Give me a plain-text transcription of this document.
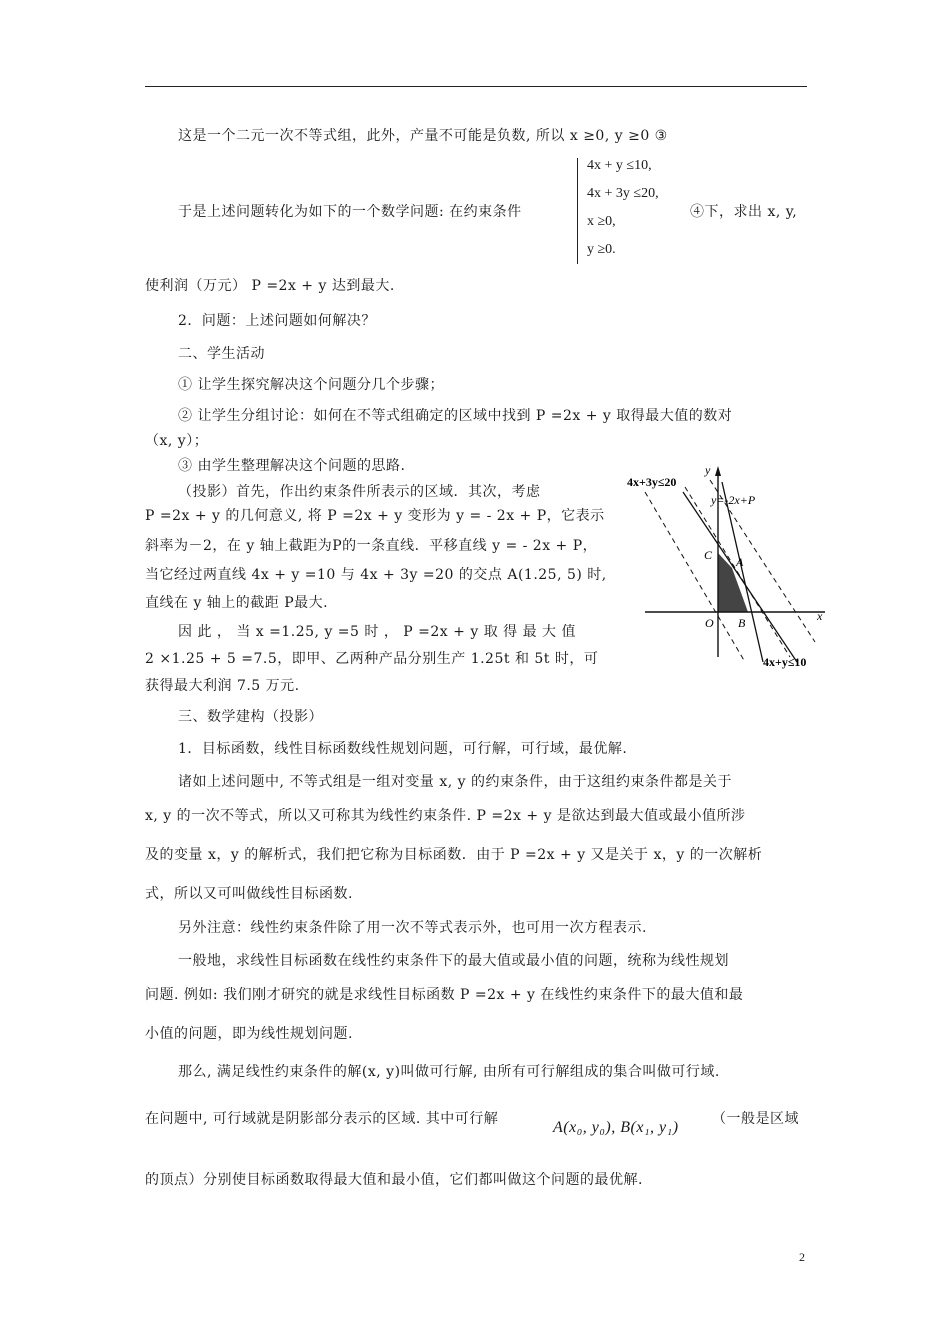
这是一个二元一次不等式组，此外，产量不可能是负数, 所以 x ≥0, y ≥0 ③
于是上述问题转化为如下的一个数学问题: 在约束条件
4x + y ≤10,
4x + 3y ≤20,
x ≥0,
y ≥0.
④下，求出 x, y,
使利润（万元） P =2x + y 达到最大.
2．问题：上述问题如何解决？
二、学生活动
① 让学生探究解决这个问题分几个步骤；
② 让学生分组讨论：如何在不等式组确定的区域中找到 P =2x + y 取得最大值的数对
（x, y）；
③ 由学生整理解决这个问题的思路.
（投影）首先，作出约束条件所表示的区域．其次，考虑
P =2x + y 的几何意义, 将 P =2x + y 变形为 y = - 2x + P，它表示
斜率为－2，在 y 轴上截距为P的一条直线．平移直线 y = - 2x + P，
当它经过两直线 4x + y =10 与 4x + 3y =20 的交点 A(1.25, 5) 时,
直线在 y 轴上的截距 P最大.
因 此 ， 当 x =1.25, y =5 时 ， P =2x + y 取 得 最 大 值
2 ×1.25 + 5 =7.5，即甲、乙两种产品分别生产 1.25t 和 5t 时，可
获得最大利润 7.5 万元.
4x+3y≤20
y
y=-2x+P
x
C A
B
O
4x+y≤10
三、数学建构（投影）
1．目标函数，线性目标函数线性规划问题，可行解，可行域，最优解.
诸如上述问题中, 不等式组是一组对变量 x, y 的约束条件，由于这组约束条件都是关于
x, y 的一次不等式，所以又可称其为线性约束条件. P =2x + y 是欲达到最大值或最小值所涉
及的变量 x，y 的解析式，我们把它称为目标函数．由于 P =2x + y 又是关于 x，y 的一次解析
式，所以又可叫做线性目标函数.
另外注意：线性约束条件除了用一次不等式表示外，也可用一次方程表示.
一般地，求线性目标函数在线性约束条件下的最大值或最小值的问题，统称为线性规划
问题. 例如: 我们刚才研究的就是求线性目标函数 P =2x + y 在线性约束条件下的最大值和最
小值的问题，即为线性规划问题.
那么, 满足线性约束条件的解(x, y)叫做可行解, 由所有可行解组成的集合叫做可行域.
在问题中, 可行域就是阴影部分表示的区域. 其中可行解	A(x₀, y₀), B(x₁, y₁) （一般是区域
的顶点）分别使目标函数取得最大值和最小值，它们都叫做这个问题的最优解.
2
